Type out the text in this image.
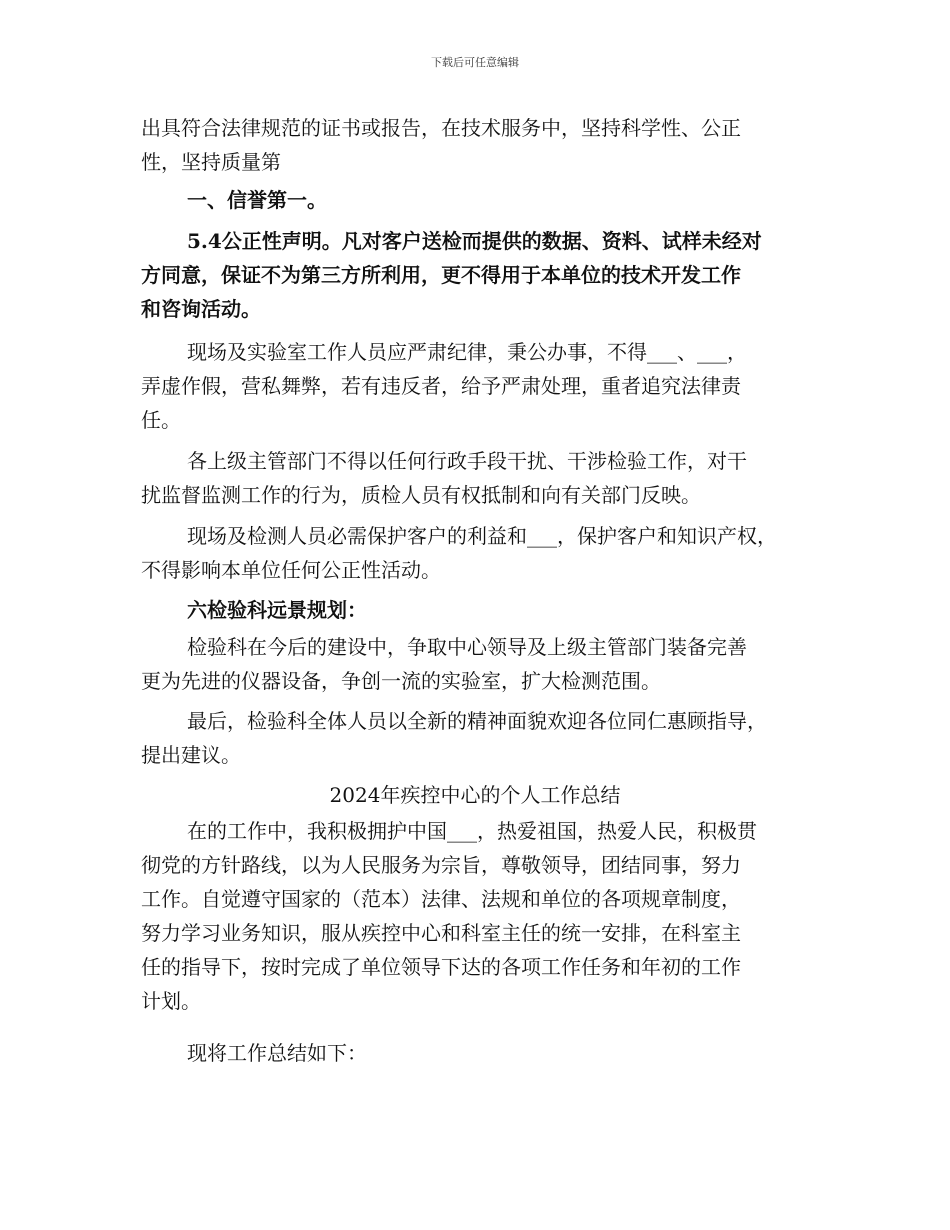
下载后可任意编辑
出具符合法律规范的证书或报告，在技术服务中，坚持科学性、公正
性，坚持质量第
一、信誉第一。
5.4公正性声明。凡对客户送检而提供的数据、资料、试样未经对
方同意，保证不为第三方所利用，更不得用于本单位的技术开发工作
和咨询活动。
现场及实验室工作人员应严肃纪律，秉公办事，不得___、___，
弄虚作假，营私舞弊，若有违反者，给予严肃处理，重者追究法律责
任。
各上级主管部门不得以任何行政手段干扰、干涉检验工作，对干
扰监督监测工作的行为，质检人员有权抵制和向有关部门反映。
现场及检测人员必需保护客户的利益和___，保护客户和知识产权，
不得影响本单位任何公正性活动。
六检验科远景规划：
检验科在今后的建设中，争取中心领导及上级主管部门装备完善
更为先进的仪器设备，争创一流的实验室，扩大检测范围。
最后，检验科全体人员以全新的精神面貌欢迎各位同仁惠顾指导，
提出建议。
2024年疾控中心的个人工作总结
在的工作中，我积极拥护中国___，热爱祖国，热爱人民，积极贯
彻党的方针路线，以为人民服务为宗旨，尊敬领导，团结同事，努力
工作。自觉遵守国家的（范本）法律、法规和单位的各项规章制度，
努力学习业务知识，服从疾控中心和科室主任的统一安排，在科室主
任的指导下，按时完成了单位领导下达的各项工作任务和年初的工作
计划。
现将工作总结如下：
